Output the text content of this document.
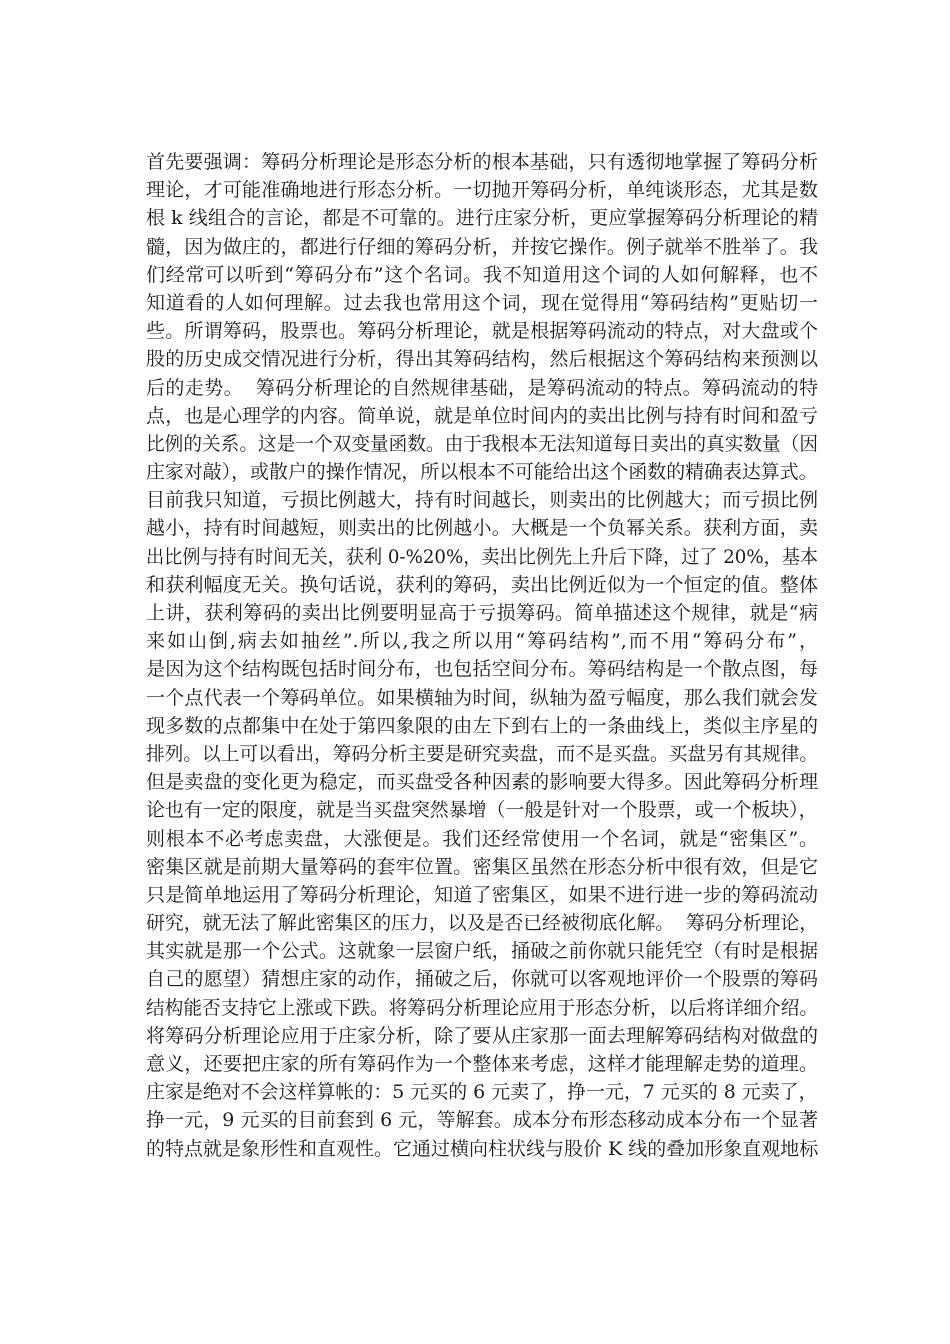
首先要强调：筹码分析理论是形态分析的根本基础，只有透彻地掌握了筹码分析
理论，才可能准确地进行形态分析。一切抛开筹码分析，单纯谈形态，尤其是数
根 k 线组合的言论，都是不可靠的。进行庄家分析，更应掌握筹码分析理论的精
髓，因为做庄的，都进行仔细的筹码分析，并按它操作。例子就举不胜举了。我
们经常可以听到“筹码分布”这个名词。我不知道用这个词的人如何解释，也不
知道看的人如何理解。过去我也常用这个词，现在觉得用“筹码结构”更贴切一
些。所谓筹码，股票也。筹码分析理论，就是根据筹码流动的特点，对大盘或个
股的历史成交情况进行分析，得出其筹码结构，然后根据这个筹码结构来预测以
后的走势。  筹码分析理论的自然规律基础，是筹码流动的特点。筹码流动的特
点，也是心理学的内容。简单说，就是单位时间内的卖出比例与持有时间和盈亏
比例的关系。这是一个双变量函数。由于我根本无法知道每日卖出的真实数量（因
庄家对敲），或散户的操作情况，所以根本不可能给出这个函数的精确表达算式。
目前我只知道，亏损比例越大，持有时间越长，则卖出的比例越大；而亏损比例
越小，持有时间越短，则卖出的比例越小。大概是一个负幂关系。获利方面，卖
出比例与持有时间无关，获利 0-%20%，卖出比例先上升后下降，过了 20%，基本
和获利幅度无关。换句话说，获利的筹码，卖出比例近似为一个恒定的值。整体
上讲，获利筹码的卖出比例要明显高于亏损筹码。简单描述这个规律，就是“病
来如山倒,病去如抽丝”.所以,我之所以用“筹码结构”,而不用“筹码分布”，
是因为这个结构既包括时间分布，也包括空间分布。筹码结构是一个散点图，每
一个点代表一个筹码单位。如果横轴为时间，纵轴为盈亏幅度，那么我们就会发
现多数的点都集中在处于第四象限的由左下到右上的一条曲线上，类似主序星的
排列。以上可以看出，筹码分析主要是研究卖盘，而不是买盘。买盘另有其规律。
但是卖盘的变化更为稳定，而买盘受各种因素的影响要大得多。因此筹码分析理
论也有一定的限度，就是当买盘突然暴增（一般是针对一个股票，或一个板块），
则根本不必考虑卖盘，大涨便是。我们还经常使用一个名词，就是“密集区”。
密集区就是前期大量筹码的套牢位置。密集区虽然在形态分析中很有效，但是它
只是简单地运用了筹码分析理论，知道了密集区，如果不进行进一步的筹码流动
研究，就无法了解此密集区的压力，以及是否已经被彻底化解。  筹码分析理论，
其实就是那一个公式。这就象一层窗户纸，捅破之前你就只能凭空（有时是根据
自己的愿望）猜想庄家的动作，捅破之后，你就可以客观地评价一个股票的筹码
结构能否支持它上涨或下跌。将筹码分析理论应用于形态分析，以后将详细介绍。
将筹码分析理论应用于庄家分析，除了要从庄家那一面去理解筹码结构对做盘的
意义，还要把庄家的所有筹码作为一个整体来考虑，这样才能理解走势的道理。
庄家是绝对不会这样算帐的：5 元买的 6 元卖了，挣一元，7 元买的 8 元卖了，
挣一元，9 元买的目前套到 6 元，等解套。成本分布形态移动成本分布一个显著
的特点就是象形性和直观性。它通过横向柱状线与股价 K 线的叠加形象直观地标
